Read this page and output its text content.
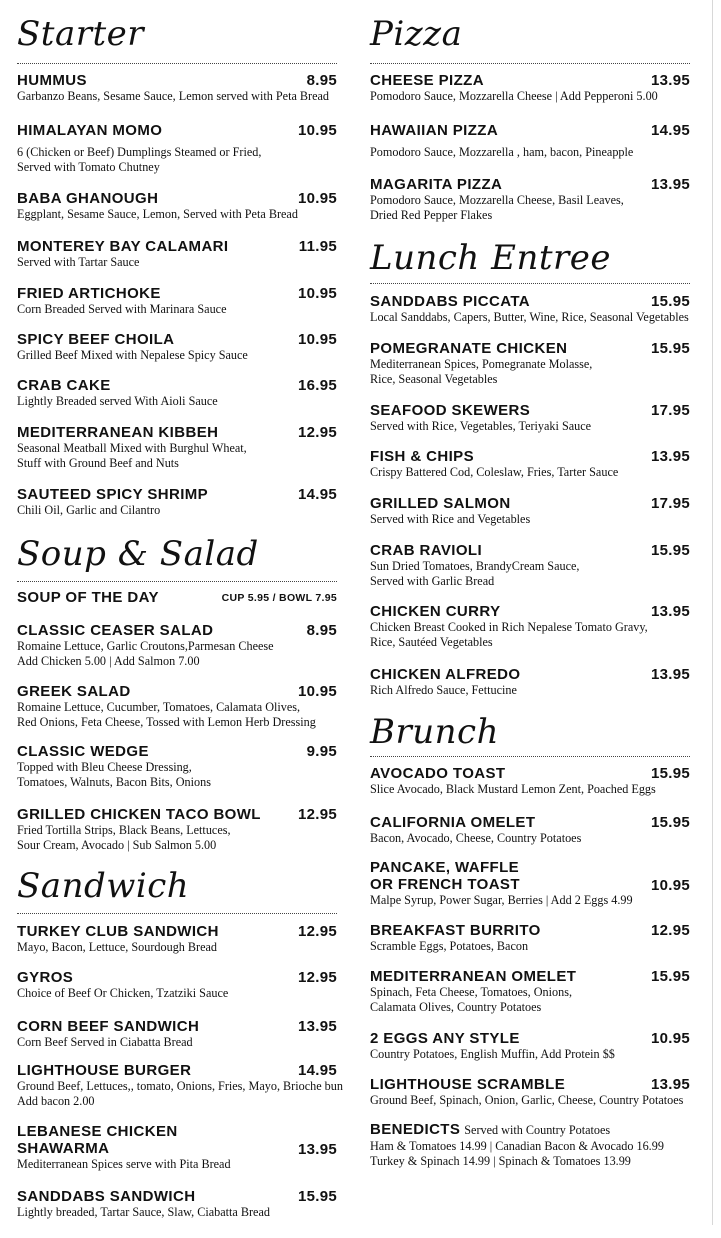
Starter
HUMMUS	8.95
Garbanzo Beans, Sesame Sauce, Lemon served with Peta Bread
HIMALAYAN MOMO	10.95
6 (Chicken or Beef) Dumplings Steamed or Fried,
Served with Tomato Chutney
BABA GHANOUGH	10.95
Eggplant, Sesame Sauce, Lemon, Served with Peta Bread
MONTEREY BAY CALAMARI	11.95
Served with Tartar Sauce
FRIED ARTICHOKE	10.95
Corn Breaded Served with Marinara Sauce
SPICY BEEF CHOILA	10.95
Grilled Beef Mixed with Nepalese Spicy Sauce
CRAB CAKE	16.95
Lightly Breaded served With Aioli Sauce
MEDITERRANEAN KIBBEH	12.95
Seasonal Meatball Mixed with Burghul Wheat,
Stuff with Ground Beef and Nuts
SAUTEED SPICY SHRIMP	14.95
Chili Oil, Garlic and Cilantro
Soup & Salad
SOUP OF THE DAY	CUP 5.95 / BOWL 7.95
CLASSIC CEASER SALAD	8.95
Romaine Lettuce, Garlic Croutons,Parmesan Cheese
Add Chicken 5.00 | Add Salmon 7.00
GREEK SALAD	10.95
Romaine Lettuce, Cucumber, Tomatoes, Calamata Olives,
Red Onions, Feta Cheese, Tossed with Lemon Herb Dressing
CLASSIC WEDGE	9.95
Topped with Bleu Cheese Dressing,
Tomatoes, Walnuts, Bacon Bits, Onions
GRILLED CHICKEN TACO BOWL	12.95
Fried Tortilla Strips, Black Beans, Lettuces,
Sour Cream, Avocado | Sub Salmon 5.00
Sandwich
TURKEY CLUB SANDWICH	12.95
Mayo, Bacon, Lettuce, Sourdough Bread
GYROS	12.95
Choice of Beef Or Chicken, Tzatziki Sauce
CORN BEEF SANDWICH	13.95
Corn Beef Served in Ciabatta Bread
LIGHTHOUSE BURGER	14.95
Ground Beef, Lettuces,, tomato, Onions, Fries, Mayo, Brioche bun
Add bacon 2.00
LEBANESE CHICKEN
SHAWARMA	13.95
Mediterranean Spices serve with Pita Bread
SANDDABS SANDWICH	15.95
Lightly breaded, Tartar Sauce, Slaw, Ciabatta Bread
Pizza
CHEESE PIZZA	13.95
Pomodoro Sauce, Mozzarella Cheese | Add Pepperoni 5.00
HAWAIIAN PIZZA	14.95
Pomodoro Sauce, Mozzarella , ham, bacon, Pineapple
MAGARITA PIZZA	13.95
Pomodoro Sauce, Mozzarella Cheese, Basil Leaves,
Dried Red Pepper Flakes
Lunch Entree
SANDDABS PICCATA	15.95
Local Sanddabs, Capers, Butter, Wine, Rice, Seasonal Vegetables
POMEGRANATE CHICKEN	15.95
Mediterranean Spices, Pomegranate Molasse,
Rice, Seasonal Vegetables
SEAFOOD SKEWERS	17.95
Served with Rice, Vegetables, Teriyaki Sauce
FISH & CHIPS	13.95
Crispy Battered Cod, Coleslaw, Fries, Tarter Sauce
GRILLED SALMON	17.95
Served with Rice and Vegetables
CRAB RAVIOLI	15.95
Sun Dried Tomatoes, BrandyCream Sauce,
Served with Garlic Bread
CHICKEN CURRY	13.95
Chicken Breast Cooked in Rich Nepalese Tomato Gravy,
Rice, Sautéed Vegetables
CHICKEN ALFREDO	13.95
Rich Alfredo Sauce, Fettucine
Brunch
AVOCADO TOAST	15.95
Slice Avocado, Black Mustard Lemon Zent, Poached Eggs
CALIFORNIA OMELET	15.95
Bacon, Avocado, Cheese, Country Potatoes
PANCAKE, WAFFLE
OR FRENCH TOAST	10.95
Malpe Syrup, Power Sugar, Berries | Add 2 Eggs 4.99
BREAKFAST BURRITO	12.95
Scramble Eggs, Potatoes, Bacon
MEDITERRANEAN OMELET	15.95
Spinach, Feta Cheese, Tomatoes, Onions,
Calamata Olives, Country Potatoes
2 EGGS ANY STYLE	10.95
Country Potatoes, English Muffin, Add Protein $$
LIGHTHOUSE SCRAMBLE	13.95
Ground Beef, Spinach, Onion, Garlic, Cheese, Country Potatoes
BENEDICTS Served with Country Potatoes
Ham & Tomatoes 14.99 | Canadian Bacon & Avocado 16.99
Turkey & Spinach 14.99 | Spinach & Tomatoes 13.99
